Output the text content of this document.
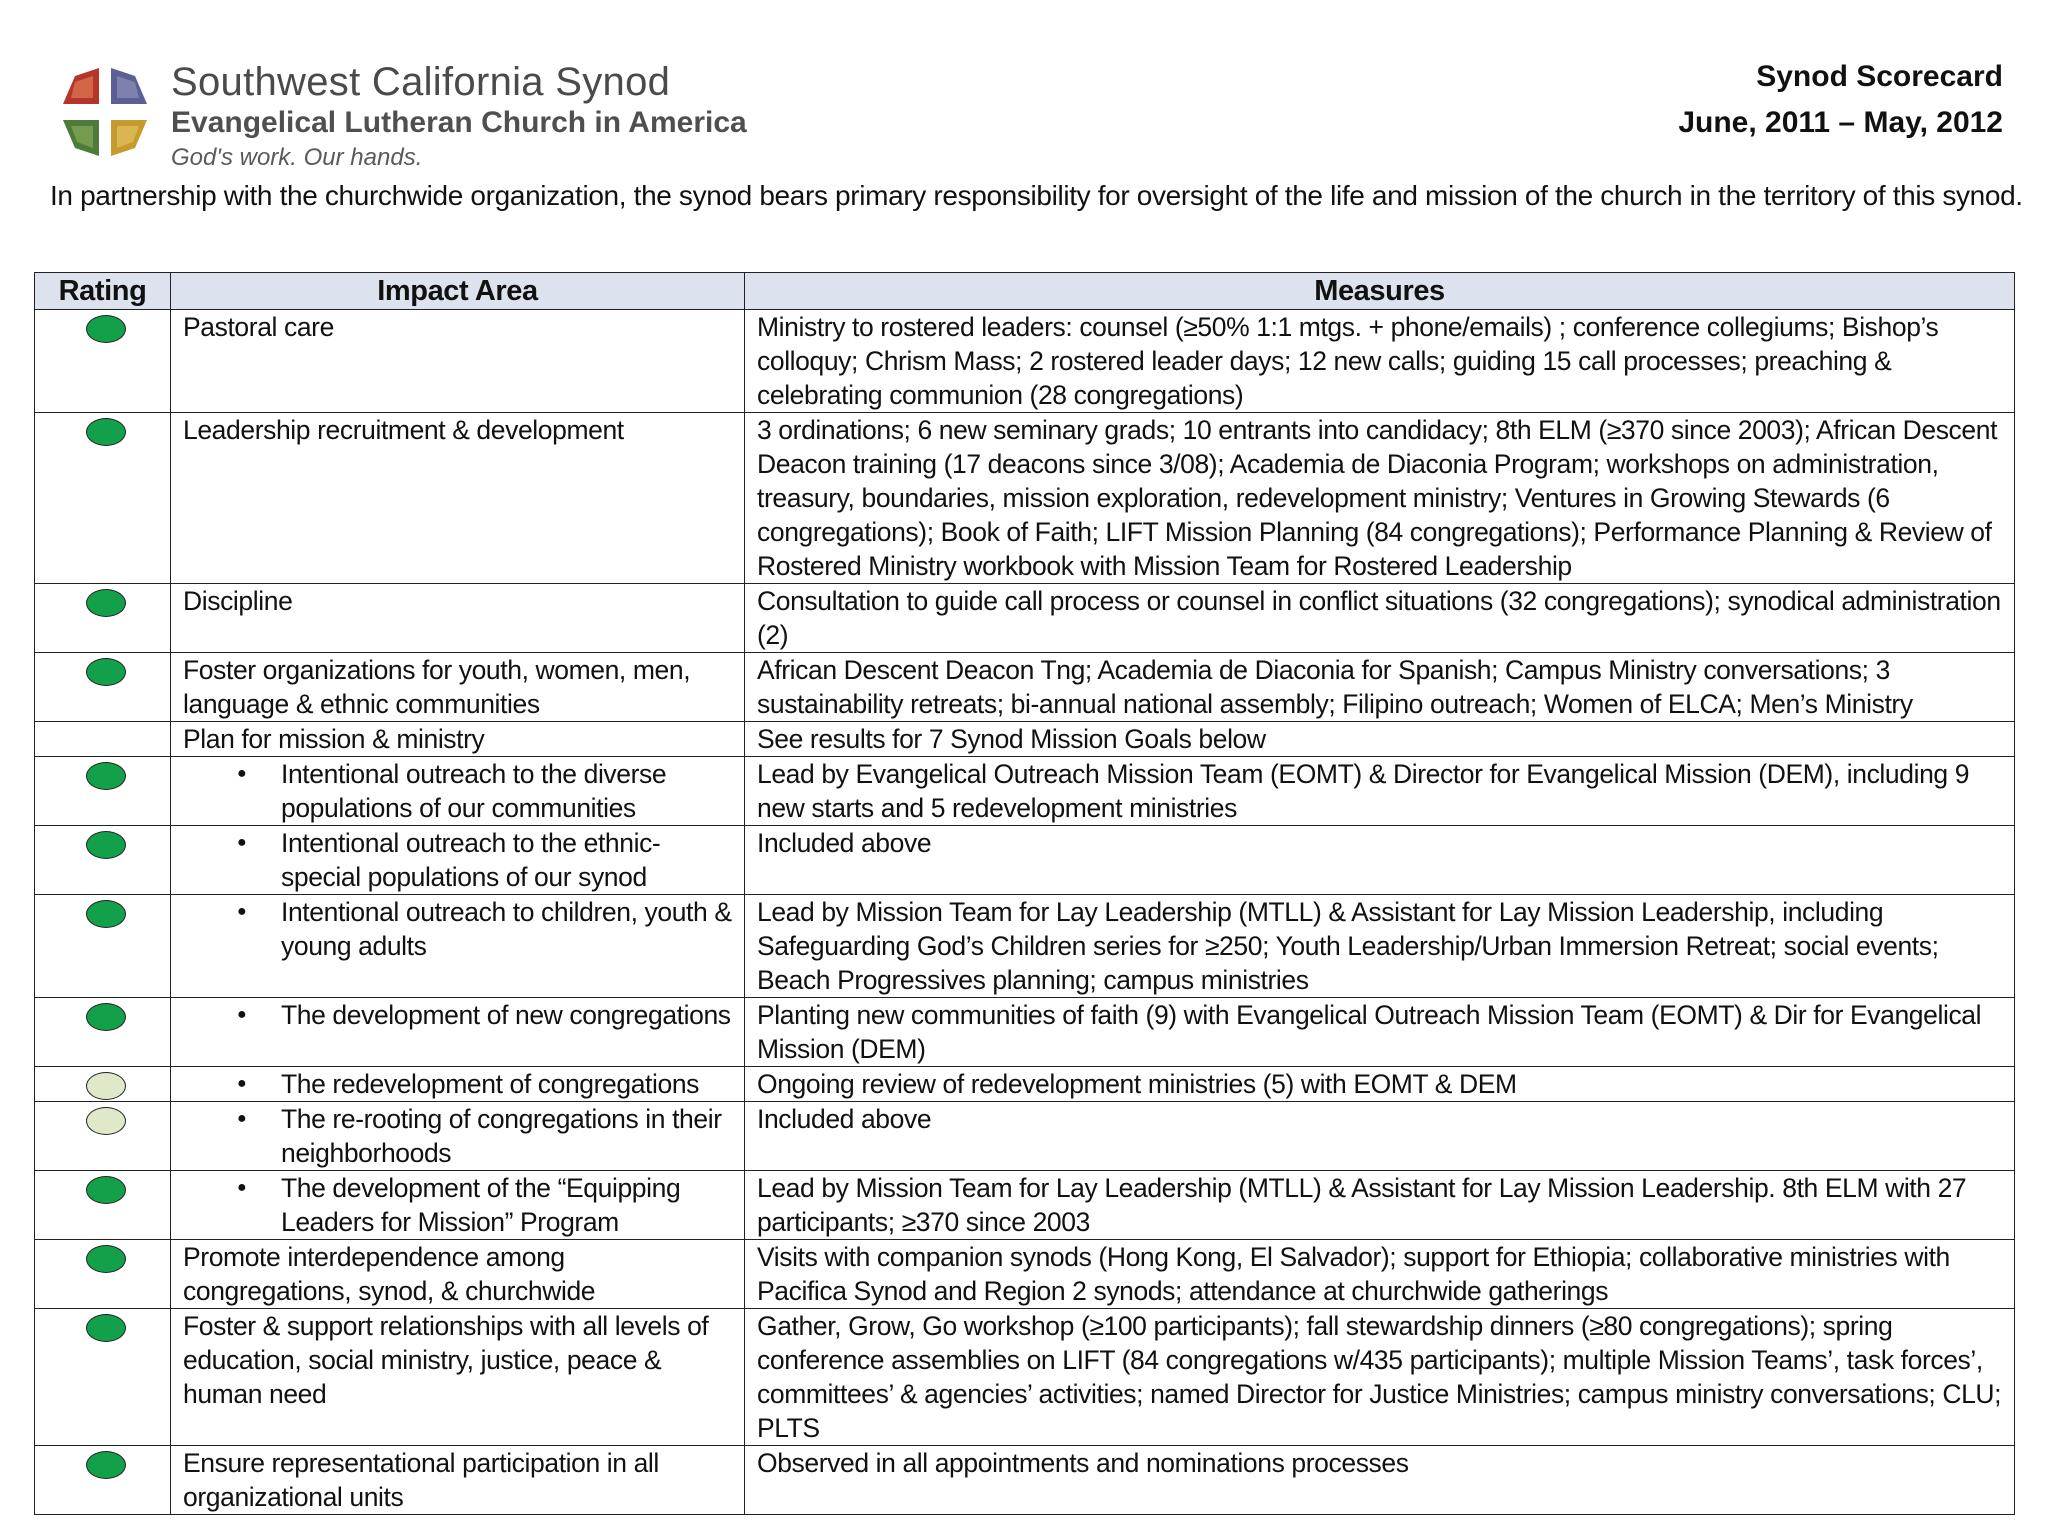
Southwest California Synod
Evangelical Lutheran Church in America
God's work. Our hands.
Synod Scorecard
June, 2011 – May, 2012
In partnership with the churchwide organization, the synod bears primary responsibility for oversight of the life and mission of the church in the territory of this synod.
Rating	Impact Area	Measures
	Pastoral care	Ministry to rostered leaders: counsel (≥50% 1:1 mtgs. + phone/emails) ; conference collegiums; Bishop’s colloquy; Chrism Mass; 2 rostered leader days; 12 new calls; guiding 15 call processes; preaching & celebrating communion (28 congregations)
	Leadership recruitment & development	3 ordinations; 6 new seminary grads; 10 entrants into candidacy; 8th ELM (≥370 since 2003); African Descent Deacon training (17 deacons since 3/08); Academia de Diaconia Program; workshops on administration, treasury, boundaries, mission exploration, redevelopment ministry; Ventures in Growing Stewards (6 congregations); Book of Faith; LIFT Mission Planning (84 congregations); Performance Planning & Review of Rostered Ministry workbook with Mission Team for Rostered Leadership
	Discipline	Consultation to guide call process or counsel in conflict situations (32 congregations); synodical administration (2)
	Foster organizations for youth, women, men, language & ethnic communities	African Descent Deacon Tng; Academia de Diaconia for Spanish; Campus Ministry conversations; 3 sustainability retreats; bi-annual national assembly; Filipino outreach; Women of ELCA; Men’s Ministry
	Plan for mission & ministry	See results for 7 Synod Mission Goals below

	● Intentional outreach to the diverse populations of our communities	Lead by Evangelical Outreach Mission Team (EOMT) & Director for Evangelical Mission (DEM), including 9 new starts and 5 redevelopment ministries

	● Intentional outreach to the ethnic-special populations of our synod	Included above

	● Intentional outreach to children, youth & young adults	Lead by Mission Team for Lay Leadership (MTLL) & Assistant for Lay Mission Leadership, including Safeguarding God’s Children series for ≥250; Youth Leadership/Urban Immersion Retreat; social events; Beach Progressives planning; campus ministries

	● The development of new congregations	Planting new communities of faith (9) with Evangelical Outreach Mission Team (EOMT) & Dir for Evangelical Mission (DEM)

	● The redevelopment of congregations	Ongoing review of redevelopment ministries (5) with EOMT & DEM

	● The re-rooting of congregations in their neighborhoods	Included above

	● The development of the “Equipping Leaders for Mission” Program	Lead by Mission Team for Lay Leadership (MTLL) & Assistant for Lay Mission Leadership. 8th ELM with 27 participants; ≥370 since 2003
	Promote interdependence among congregations, synod, & churchwide	Visits with companion synods (Hong Kong, El Salvador); support for Ethiopia; collaborative ministries with Pacifica Synod and Region 2 synods; attendance at churchwide gatherings
	Foster & support relationships with all levels of education, social ministry, justice, peace & human need	Gather, Grow, Go workshop (≥100 participants); fall stewardship dinners (≥80 congregations); spring conference assemblies on LIFT (84 congregations w/435 participants); multiple Mission Teams’, task forces’, committees’ & agencies’ activities; named Director for Justice Ministries; campus ministry conversations; CLU; PLTS
	Ensure representational participation in all organizational units	Observed in all appointments and nominations processes
